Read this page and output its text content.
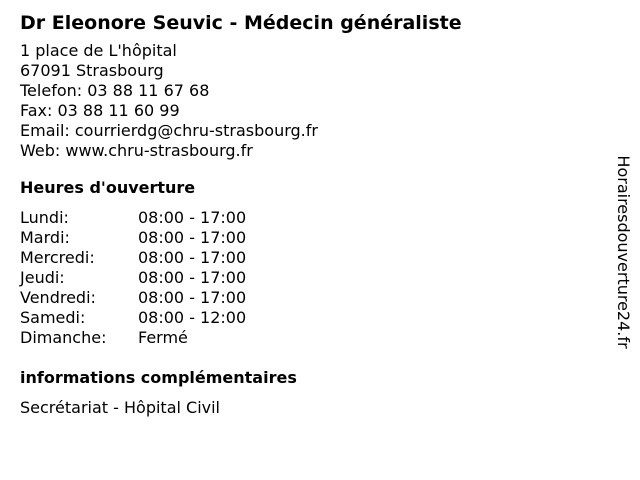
Dr Eleonore Seuvic - Médecin généraliste
1 place de L'hôpital
67091 Strasbourg
Telefon: 03 88 11 67 68
Fax: 03 88 11 60 99
Email: courrierdg@chru-strasbourg.fr
Web: www.chru-strasbourg.fr
Heures d'ouverture
Lundi:	08:00 - 17:00
Mardi:	08:00 - 17:00
Mercredi:	08:00 - 17:00
Jeudi:	08:00 - 17:00
Vendredi:	08:00 - 17:00
Samedi:	08:00 - 12:00
Dimanche:	Fermé
informations complémentaires
Secrétariat - Hôpital Civil
Horairesdouverture24.fr
